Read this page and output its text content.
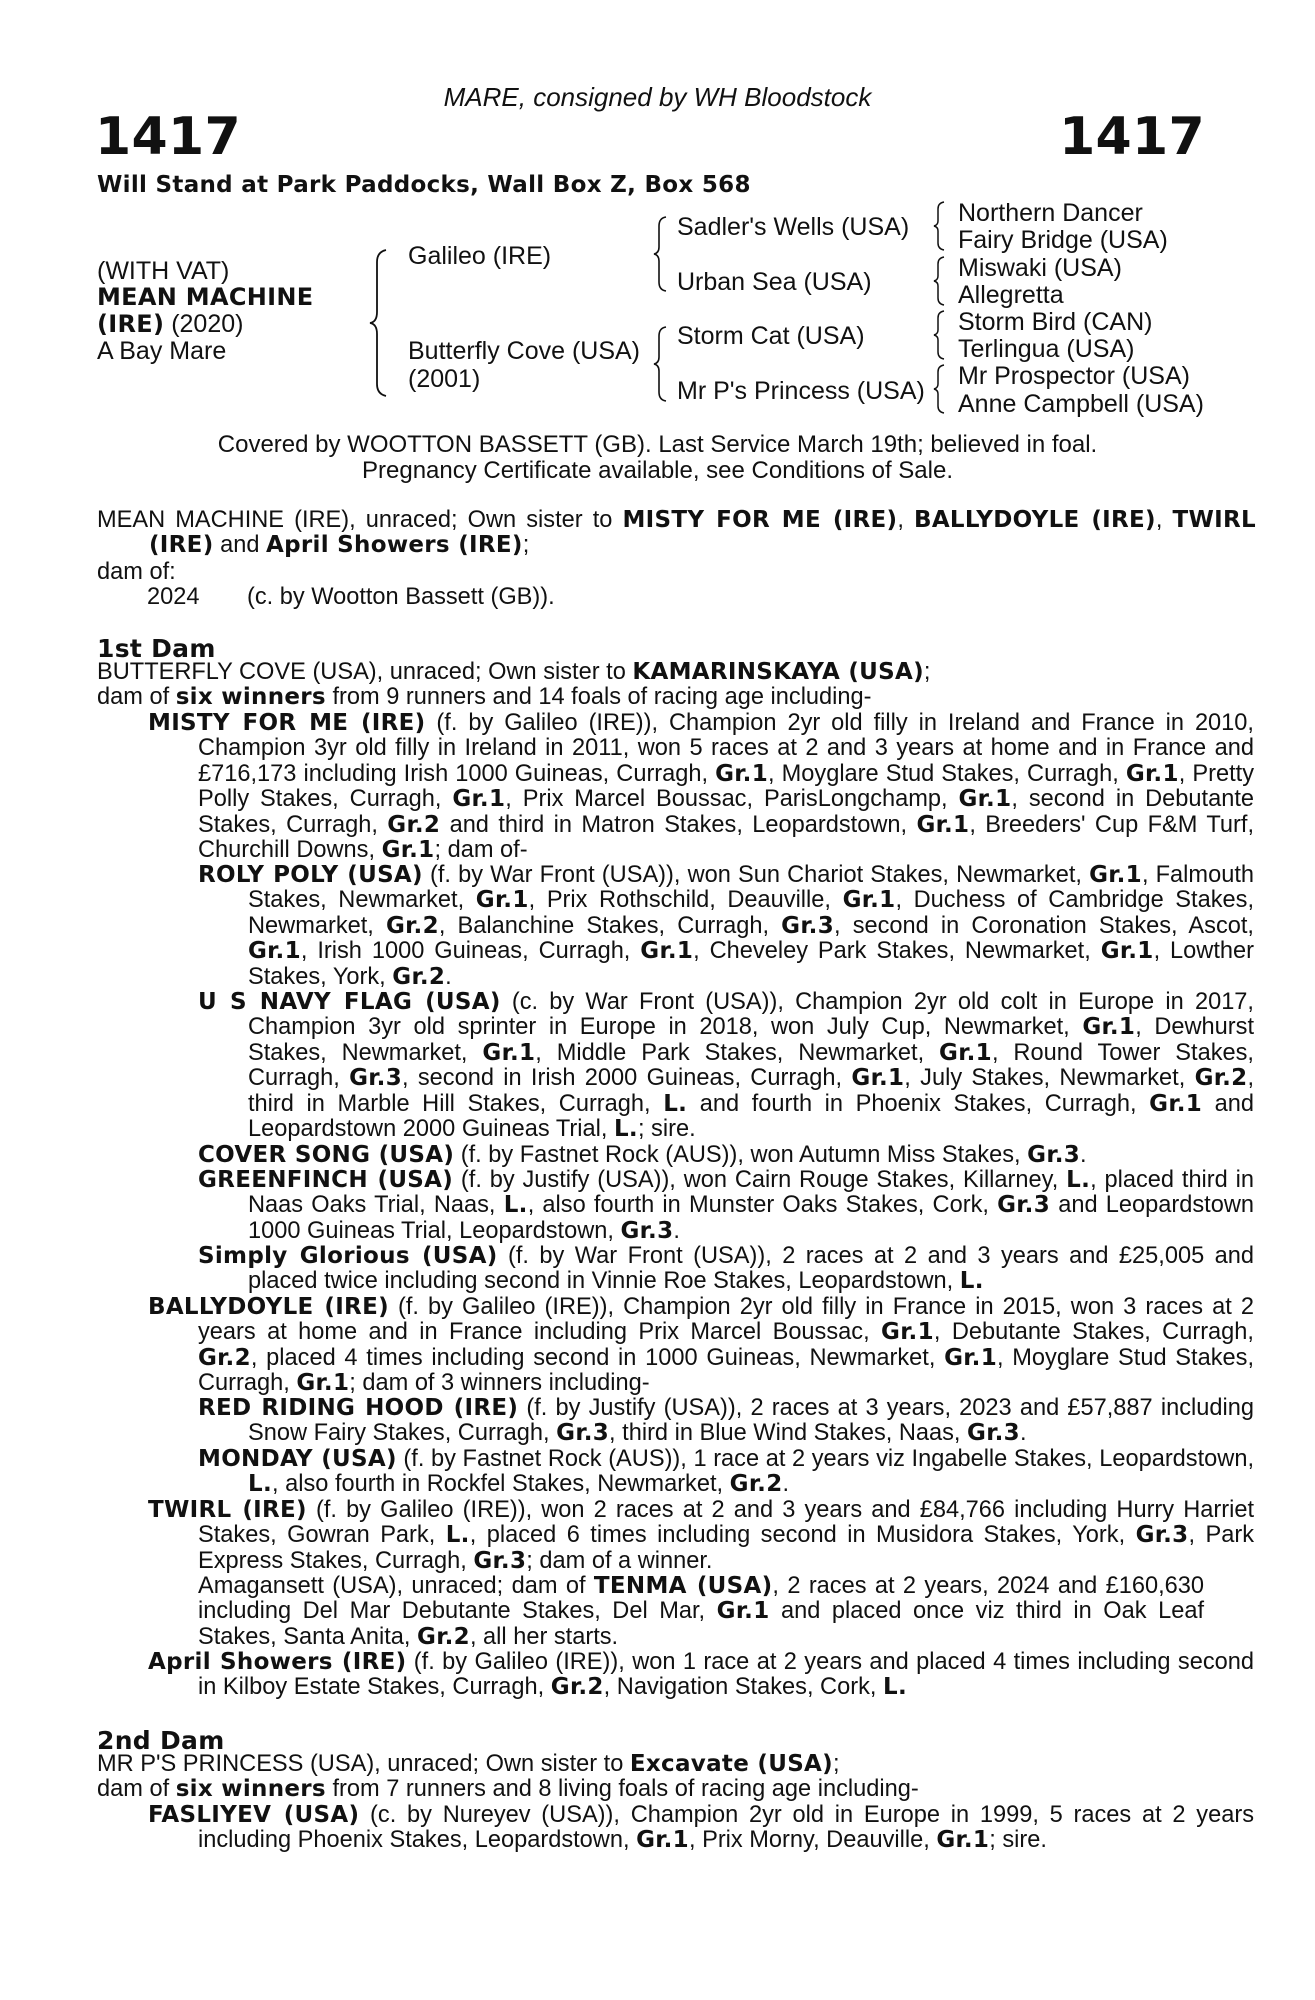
MARE, consigned by WH Bloodstock
1417	1417
Will Stand at Park Paddocks, Wall Box Z, Box 568
(WITH VAT)
MEAN MACHINE
(IRE) (2020)
A Bay Mare
Galileo (IRE)
Butterfly Cove (USA)
(2001)
Sadler's Wells (USA)
Urban Sea (USA)
Storm Cat (USA)
Mr P's Princess (USA)
Northern Dancer
Fairy Bridge (USA)
Miswaki (USA)
Allegretta
Storm Bird (CAN)
Terlingua (USA)
Mr Prospector (USA)
Anne Campbell (USA)
Covered by WOOTTON BASSETT (GB). Last Service March 19th; believed in foal.
Pregnancy Certificate available, see Conditions of Sale.
MEAN MACHINE (IRE), unraced; Own sister to MISTY FOR ME (IRE), BALLYDOYLE (IRE), TWIRL (IRE) and April Showers (IRE);
dam of:
2024 (c. by Wootton Bassett (GB)).
1st Dam
BUTTERFLY COVE (USA), unraced; Own sister to KAMARINSKAYA (USA);
dam of six winners from 9 runners and 14 foals of racing age including-
MISTY FOR ME (IRE) (f. by Galileo (IRE)), Champion 2yr old filly in Ireland and France in 2010, Champion 3yr old filly in Ireland in 2011, won 5 races at 2 and 3 years at home and in France and £716,173 including Irish 1000 Guineas, Curragh, Gr.1, Moyglare Stud Stakes, Curragh, Gr.1, Pretty Polly Stakes, Curragh, Gr.1, Prix Marcel Boussac, ParisLongchamp, Gr.1, second in Debutante Stakes, Curragh, Gr.2 and third in Matron Stakes, Leopardstown, Gr.1, Breeders' Cup F&M Turf, Churchill Downs, Gr.1; dam of-
ROLY POLY (USA) (f. by War Front (USA)), won Sun Chariot Stakes, Newmarket, Gr.1, Falmouth Stakes, Newmarket, Gr.1, Prix Rothschild, Deauville, Gr.1, Duchess of Cambridge Stakes, Newmarket, Gr.2, Balanchine Stakes, Curragh, Gr.3, second in Coronation Stakes, Ascot, Gr.1, Irish 1000 Guineas, Curragh, Gr.1, Cheveley Park Stakes, Newmarket, Gr.1, Lowther Stakes, York, Gr.2.
U S NAVY FLAG (USA) (c. by War Front (USA)), Champion 2yr old colt in Europe in 2017, Champion 3yr old sprinter in Europe in 2018, won July Cup, Newmarket, Gr.1, Dewhurst Stakes, Newmarket, Gr.1, Middle Park Stakes, Newmarket, Gr.1, Round Tower Stakes, Curragh, Gr.3, second in Irish 2000 Guineas, Curragh, Gr.1, July Stakes, Newmarket, Gr.2, third in Marble Hill Stakes, Curragh, L. and fourth in Phoenix Stakes, Curragh, Gr.1 and Leopardstown 2000 Guineas Trial, L.; sire.
COVER SONG (USA) (f. by Fastnet Rock (AUS)), won Autumn Miss Stakes, Gr.3.
GREENFINCH (USA) (f. by Justify (USA)), won Cairn Rouge Stakes, Killarney, L., placed third in Naas Oaks Trial, Naas, L., also fourth in Munster Oaks Stakes, Cork, Gr.3 and Leopardstown 1000 Guineas Trial, Leopardstown, Gr.3.
Simply Glorious (USA) (f. by War Front (USA)), 2 races at 2 and 3 years and £25,005 and placed twice including second in Vinnie Roe Stakes, Leopardstown, L.
BALLYDOYLE (IRE) (f. by Galileo (IRE)), Champion 2yr old filly in France in 2015, won 3 races at 2 years at home and in France including Prix Marcel Boussac, Gr.1, Debutante Stakes, Curragh, Gr.2, placed 4 times including second in 1000 Guineas, Newmarket, Gr.1, Moyglare Stud Stakes, Curragh, Gr.1; dam of 3 winners including-
RED RIDING HOOD (IRE) (f. by Justify (USA)), 2 races at 3 years, 2023 and £57,887 including Snow Fairy Stakes, Curragh, Gr.3, third in Blue Wind Stakes, Naas, Gr.3.
MONDAY (USA) (f. by Fastnet Rock (AUS)), 1 race at 2 years viz Ingabelle Stakes, Leopardstown, L., also fourth in Rockfel Stakes, Newmarket, Gr.2.
TWIRL (IRE) (f. by Galileo (IRE)), won 2 races at 2 and 3 years and £84,766 including Hurry Harriet Stakes, Gowran Park, L., placed 6 times including second in Musidora Stakes, York, Gr.3, Park Express Stakes, Curragh, Gr.3; dam of a winner.
Amagansett (USA), unraced; dam of TENMA (USA), 2 races at 2 years, 2024 and £160,630 including Del Mar Debutante Stakes, Del Mar, Gr.1 and placed once viz third in Oak Leaf Stakes, Santa Anita, Gr.2, all her starts.
April Showers (IRE) (f. by Galileo (IRE)), won 1 race at 2 years and placed 4 times including second in Kilboy Estate Stakes, Curragh, Gr.2, Navigation Stakes, Cork, L.
2nd Dam
MR P'S PRINCESS (USA), unraced; Own sister to Excavate (USA);
dam of six winners from 7 runners and 8 living foals of racing age including-
FASLIYEV (USA) (c. by Nureyev (USA)), Champion 2yr old in Europe in 1999, 5 races at 2 years including Phoenix Stakes, Leopardstown, Gr.1, Prix Morny, Deauville, Gr.1; sire.
